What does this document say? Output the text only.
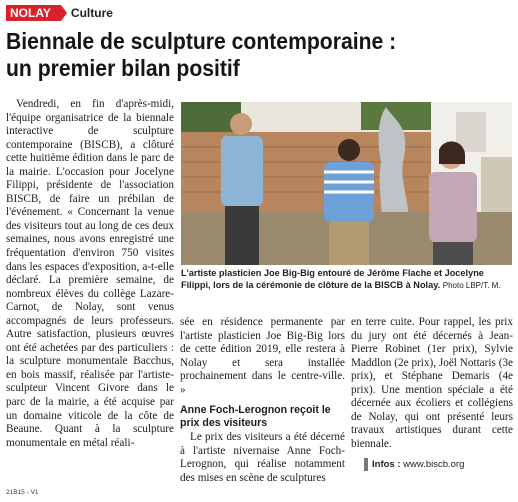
NOLAY	Culture
Biennale de sculpture contemporaine :
un premier bilan positif

Vendredi, en fin d'après-midi, l'équipe organisatrice de la biennale interactive de sculpture contemporaine (BISCB), a clôturé cette huitième édition dans le parc de la mairie. L'occasion pour Jocelyne Filippi, présidente de l'association BISCB, de faire un prébilan de l'événement. « Concernant la venue des visiteurs tout au long de ces deux semaines, nous avons enregistré une fréquentation d'environ 750 visites dans les espaces d'exposition, a-t-elle déclaré. La première semaine, de nombreux élèves du collège Lazare-Carnot, de Nolay, sont venus accompagnés de leurs professeurs. Autre satisfaction, plusieurs œuvres ont été achetées par des particuliers : la sculpture monumentale Bacchus, en bois massif, réalisée par l'artiste-sculpteur Vincent Givore dans le parc de la mairie, a été acquise par un domaine viticole de la côte de Beaune. Quant à la sculpture monumentale en métal réali-

L'artiste plasticien Joe Big-Big entouré de Jérôme Flache et Jocelyne Filippi, lors de la cérémonie de clôture de la BISCB à Nolay. Photo LBP/T. M.

sée en résidence permanente par l'artiste plasticien Joe Big-Big lors de cette édition 2019, elle restera à Nolay et sera installée prochainement dans le centre-ville. »

Anne Foch-Lerognon reçoit le prix des visiteurs

Le prix des visiteurs a été décerné à l'artiste nivernaise Anne Foch-Lerognon, qui réalise notamment des mises en scène de sculptures

en terre cuite. Pour rappel, les prix du jury ont été décernés à Jean-Pierre Robinet (1er prix), Sylvie Maddlon (2e prix), Joël Nottaris (3e prix), et Stéphane Demaris (4e prix). Une mention spéciale a été décernée aux écoliers et collégiens de Nolay, qui ont présenté leurs travaux artistiques durant cette biennale.

Infos : www.biscb.org
21B15 - V1
